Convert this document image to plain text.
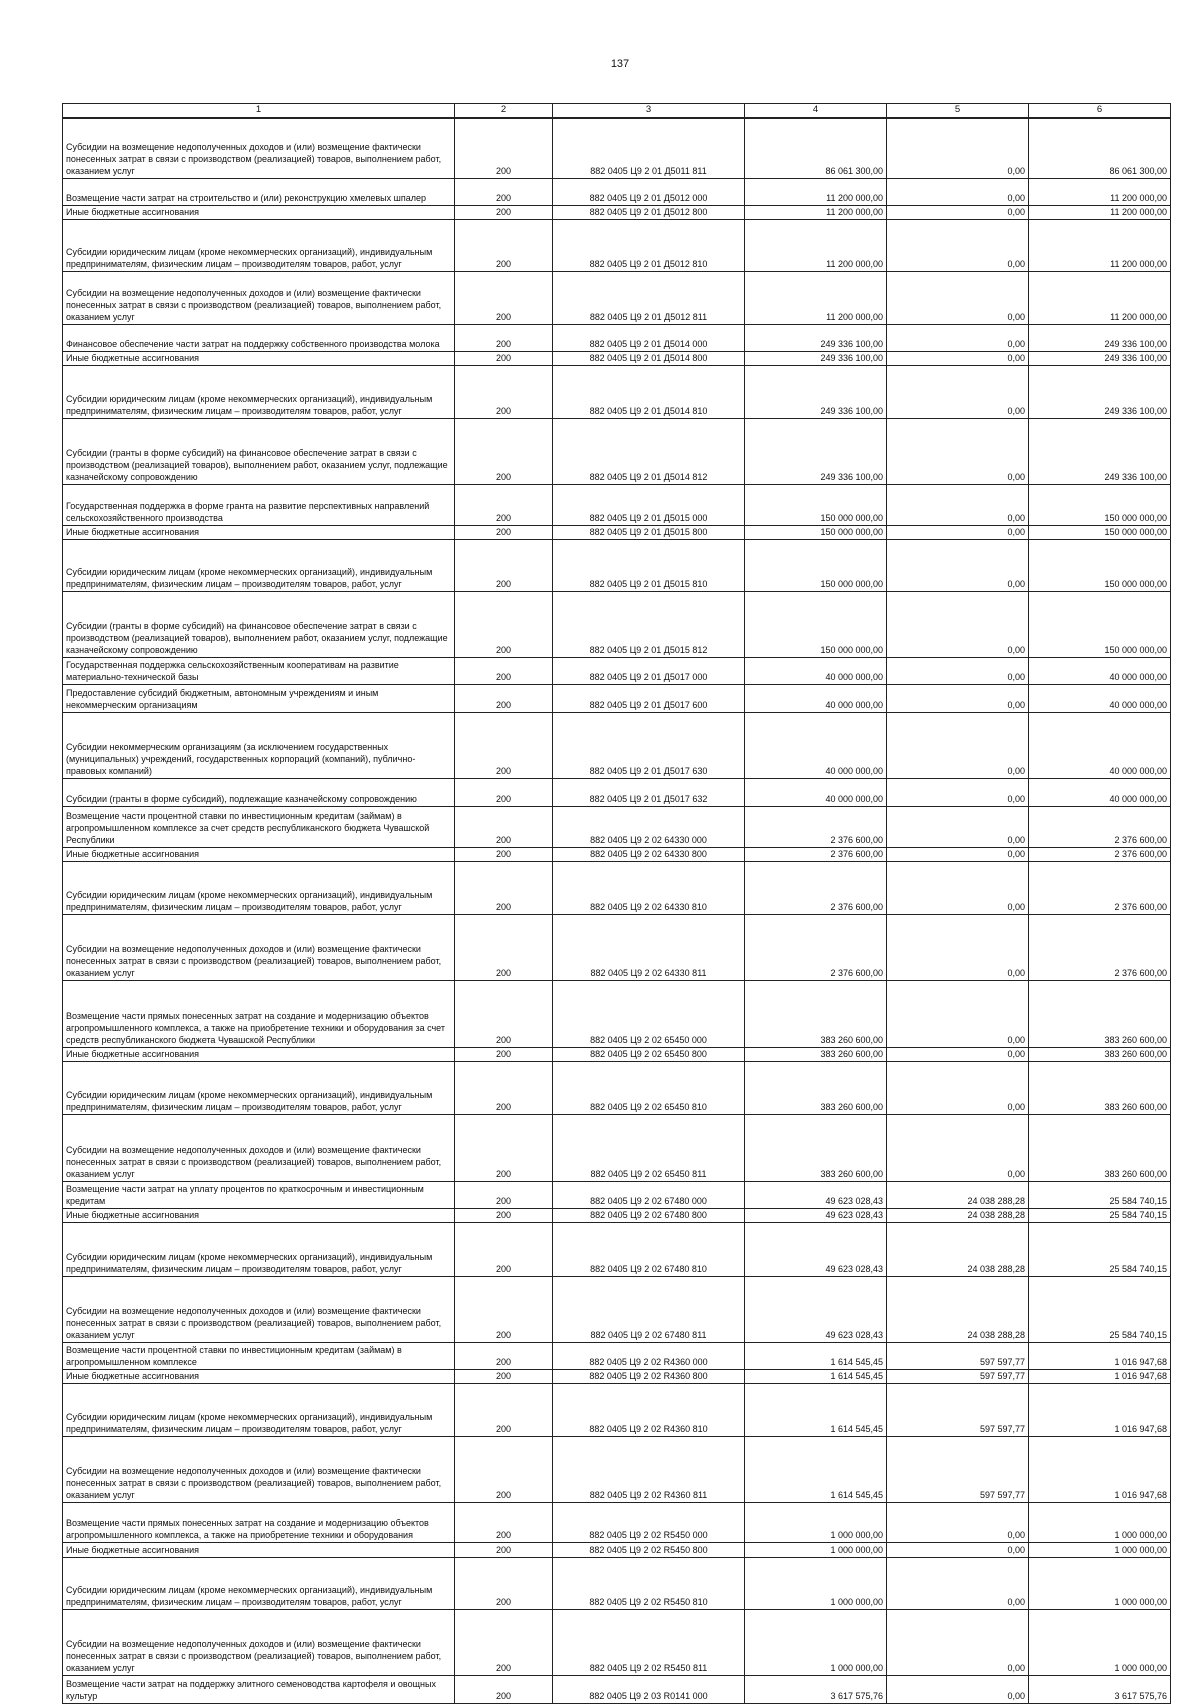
137
1	2	3	4	5	6

Субсидии на возмещение недополученных доходов и (или) возмещение фактически понесенных затрат в связи с производством (реализацией) товаров, выполнением работ, оказанием услуг	200	882 0405 Ц9 2 01 Д5011 811	86 061 300,00	0,00	86 061 300,00

Возмещение части затрат на строительство и (или) реконструкцию хмелевых шпалер	200	882 0405 Ц9 2 01 Д5012 000	11 200 000,00	0,00	11 200 000,00

Иные бюджетные ассигнования	200	882 0405 Ц9 2 01 Д5012 800	11 200 000,00	0,00	11 200 000,00

Субсидии юридическим лицам (кроме некоммерческих организаций), индивидуальным предпринимателям, физическим лицам – производителям товаров, работ, услуг	200	882 0405 Ц9 2 01 Д5012 810	11 200 000,00	0,00	11 200 000,00

Субсидии на возмещение недополученных доходов и (или) возмещение фактически понесенных затрат в связи с производством (реализацией) товаров, выполнением работ, оказанием услуг	200	882 0405 Ц9 2 01 Д5012 811	11 200 000,00	0,00	11 200 000,00

Финансовое обеспечение части затрат на поддержку собственного производства молока	200	882 0405 Ц9 2 01 Д5014 000	249 336 100,00	0,00	249 336 100,00

Иные бюджетные ассигнования	200	882 0405 Ц9 2 01 Д5014 800	249 336 100,00	0,00	249 336 100,00

Субсидии юридическим лицам (кроме некоммерческих организаций), индивидуальным предпринимателям, физическим лицам – производителям товаров, работ, услуг	200	882 0405 Ц9 2 01 Д5014 810	249 336 100,00	0,00	249 336 100,00

Субсидии (гранты в форме субсидий) на финансовое обеспечение затрат в связи с производством (реализацией товаров), выполнением работ, оказанием услуг, подлежащие казначейскому сопровождению	200	882 0405 Ц9 2 01 Д5014 812	249 336 100,00	0,00	249 336 100,00

Государственная поддержка в форме гранта на развитие перспективных направлений сельскохозяйственного производства	200	882 0405 Ц9 2 01 Д5015 000	150 000 000,00	0,00	150 000 000,00

Иные бюджетные ассигнования	200	882 0405 Ц9 2 01 Д5015 800	150 000 000,00	0,00	150 000 000,00

Субсидии юридическим лицам (кроме некоммерческих организаций), индивидуальным предпринимателям, физическим лицам – производителям товаров, работ, услуг	200	882 0405 Ц9 2 01 Д5015 810	150 000 000,00	0,00	150 000 000,00

Субсидии (гранты в форме субсидий) на финансовое обеспечение затрат в связи с производством (реализацией товаров), выполнением работ, оказанием услуг, подлежащие казначейскому сопровождению	200	882 0405 Ц9 2 01 Д5015 812	150 000 000,00	0,00	150 000 000,00

Государственная поддержка сельскохозяйственным кооперативам на развитие материально-технической базы	200	882 0405 Ц9 2 01 Д5017 000	40 000 000,00	0,00	40 000 000,00

Предоставление субсидий бюджетным, автономным учреждениям и иным некоммерческим организациям	200	882 0405 Ц9 2 01 Д5017 600	40 000 000,00	0,00	40 000 000,00

Субсидии некоммерческим организациям (за исключением государственных (муниципальных) учреждений, государственных корпораций (компаний), публично-правовых компаний)	200	882 0405 Ц9 2 01 Д5017 630	40 000 000,00	0,00	40 000 000,00

Субсидии (гранты в форме субсидий), подлежащие казначейскому сопровождению	200	882 0405 Ц9 2 01 Д5017 632	40 000 000,00	0,00	40 000 000,00

Возмещение части процентной ставки по инвестиционным кредитам (займам) в агропромышленном комплексе за счет средств республиканского бюджета Чувашской Республики	200	882 0405 Ц9 2 02 64330 000	2 376 600,00	0,00	2 376 600,00

Иные бюджетные ассигнования	200	882 0405 Ц9 2 02 64330 800	2 376 600,00	0,00	2 376 600,00

Субсидии юридическим лицам (кроме некоммерческих организаций), индивидуальным предпринимателям, физическим лицам – производителям товаров, работ, услуг	200	882 0405 Ц9 2 02 64330 810	2 376 600,00	0,00	2 376 600,00

Субсидии на возмещение недополученных доходов и (или) возмещение фактически понесенных затрат в связи с производством (реализацией) товаров, выполнением работ, оказанием услуг	200	882 0405 Ц9 2 02 64330 811	2 376 600,00	0,00	2 376 600,00

Возмещение части прямых понесенных затрат на создание и модернизацию объектов агропромышленного комплекса, а также на приобретение техники и оборудования за счет средств республиканского бюджета Чувашской Республики	200	882 0405 Ц9 2 02 65450 000	383 260 600,00	0,00	383 260 600,00

Иные бюджетные ассигнования	200	882 0405 Ц9 2 02 65450 800	383 260 600,00	0,00	383 260 600,00

Субсидии юридическим лицам (кроме некоммерческих организаций), индивидуальным предпринимателям, физическим лицам – производителям товаров, работ, услуг	200	882 0405 Ц9 2 02 65450 810	383 260 600,00	0,00	383 260 600,00

Субсидии на возмещение недополученных доходов и (или) возмещение фактически понесенных затрат в связи с производством (реализацией) товаров, выполнением работ, оказанием услуг	200	882 0405 Ц9 2 02 65450 811	383 260 600,00	0,00	383 260 600,00

Возмещение части затрат на уплату процентов по краткосрочным и инвестиционным кредитам	200	882 0405 Ц9 2 02 67480 000	49 623 028,43	24 038 288,28	25 584 740,15

Иные бюджетные ассигнования	200	882 0405 Ц9 2 02 67480 800	49 623 028,43	24 038 288,28	25 584 740,15

Субсидии юридическим лицам (кроме некоммерческих организаций), индивидуальным предпринимателям, физическим лицам – производителям товаров, работ, услуг	200	882 0405 Ц9 2 02 67480 810	49 623 028,43	24 038 288,28	25 584 740,15

Субсидии на возмещение недополученных доходов и (или) возмещение фактически понесенных затрат в связи с производством (реализацией) товаров, выполнением работ, оказанием услуг	200	882 0405 Ц9 2 02 67480 811	49 623 028,43	24 038 288,28	25 584 740,15

Возмещение части процентной ставки по инвестиционным кредитам (займам) в агропромышленном комплексе	200	882 0405 Ц9 2 02 R4360 000	1 614 545,45	597 597,77	1 016 947,68

Иные бюджетные ассигнования	200	882 0405 Ц9 2 02 R4360 800	1 614 545,45	597 597,77	1 016 947,68

Субсидии юридическим лицам (кроме некоммерческих организаций), индивидуальным предпринимателям, физическим лицам – производителям товаров, работ, услуг	200	882 0405 Ц9 2 02 R4360 810	1 614 545,45	597 597,77	1 016 947,68

Субсидии на возмещение недополученных доходов и (или) возмещение фактически понесенных затрат в связи с производством (реализацией) товаров, выполнением работ, оказанием услуг	200	882 0405 Ц9 2 02 R4360 811	1 614 545,45	597 597,77	1 016 947,68

Возмещение части прямых понесенных затрат на создание и модернизацию объектов агропромышленного комплекса, а также на приобретение техники и оборудования	200	882 0405 Ц9 2 02 R5450 000	1 000 000,00	0,00	1 000 000,00

Иные бюджетные ассигнования	200	882 0405 Ц9 2 02 R5450 800	1 000 000,00	0,00	1 000 000,00

Субсидии юридическим лицам (кроме некоммерческих организаций), индивидуальным предпринимателям, физическим лицам – производителям товаров, работ, услуг	200	882 0405 Ц9 2 02 R5450 810	1 000 000,00	0,00	1 000 000,00

Субсидии на возмещение недополученных доходов и (или) возмещение фактически понесенных затрат в связи с производством (реализацией) товаров, выполнением работ, оказанием услуг	200	882 0405 Ц9 2 02 R5450 811	1 000 000,00	0,00	1 000 000,00

Возмещение части затрат на поддержку элитного семеноводства картофеля и овощных культур	200	882 0405 Ц9 2 03 R0141 000	3 617 575,76	0,00	3 617 575,76
